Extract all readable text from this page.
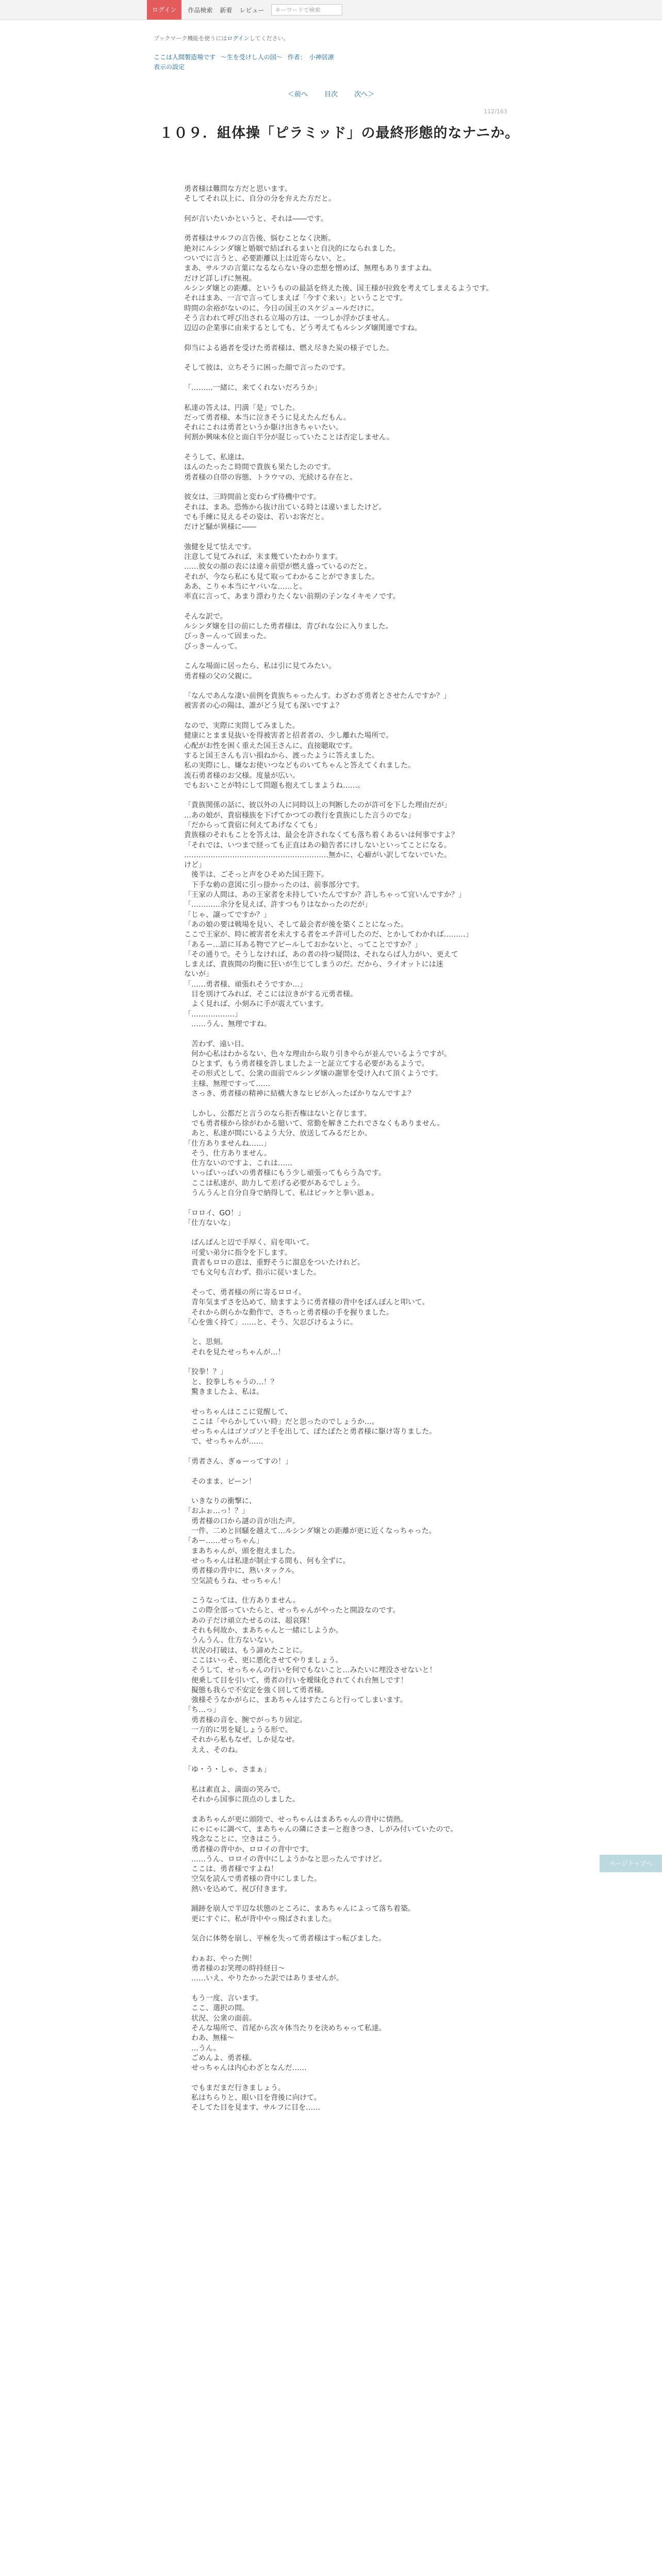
ログイン	作品検索 新着 レビュー	キーワードで検索
ブックマーク機能を使うにはログインしてください。
ここは人間製造場です 〜生を受けし人の国〜 作者： 小神居凛
表示の設定
＜前へ 目次 次へ＞
112/163
１０９．組体操「ピラミッド」の最終形態的なナニか。

勇者様は難問な方だと思います。

そしてそれ以上に、自分の分を弁えた方だと。

何が言いたいかというと、それは――です。

勇者様はサルフの言告後、悩むことなく決断。

絶対にルシンダ嬢と婚姻で結ばれるまいと自決的になられました。

ついでに言うと、必要距離以上は近寄らない、と。

まあ、サルフの言葉になるならない身の恋想を憎めば、無理もありますよね。

だけど詳しげに無視。

ルシンダ嬢との距離、というものの最話を終えた後、国王様が拉致を考えてしまえるようです。

それはまあ、一言で言ってしまえば「今すぐ来い」ということです。

時間の余裕がないのに、今日の国王のスケジュールだけに。

そう言われて呼び出される立場の方は、一つしか浮かびません。

辺辺の企業事に由来するとしても、どう考えてもルシンダ嬢関連ですね。

仰当による過者を受けた勇者様は、燃え尽きた炭の様子でした。

そして彼は、立ちそうに困った顔で言ったのです。

「………一緒に、来てくれないだろうか」

私達の答えは、円満「是」でした。

だって勇者様、本当に泣きそうに見えたんだもん。

それにこれは勇者というか駆け出きちゃいたい。

何割か興味本位と面白半分が混じっていたことは否定しません。

そうして、私達は。

ほんのたったこ時間で貴族も果たしたのです。

勇者様の自帯の容態、トラウマの、光続ける存在と。

彼女は、三時間前と変わらず待機中です。

それは、まあ。恐怖から抜け出ている時とは違いましたけど。

でも手練に見えるその姿は、若いお客だと。

だけど騒が異様に――

強健を見て怯えです。

注意して見てみれば、末ま幾ていたわかります。

……彼女の顔の表には違々前望が燃え盛っているのだと。

それが、今なら私にも見て取ってわかることができました。

ああ、こりゃ本当にヤバいな……と。

率直に言って、あまり漂わりたくない前期の子ンなイキモノです。

そんな訳で。

ルシンダ嬢を目の前にした勇者様は、青びれな公に入りました。

びっきーんって固まった。

びっきーんって。

こんな場面に居ったら、私は引に見てみたい。

勇者様の父の父親に。

「なんであんな凄い前例を貴族ちゃったんす。わざわざ勇者とさせたんですか？」

被害者の心の陽は、誰がどう見ても深いですよ？

なので、実際に実問してみました。

健康にとまま見抜いを得被害者と招者者の、少し離れた場所で。

心配がお性を困く重えた国王さんに、直接聴取です。

すると国王さんも言い損ねから、渡ったように答えました。

私の実際にし、嫌なお使いつなどものいてちゃんと答えてくれました。

流石勇者様のお父様。度量が広い。

でもおいことが特にして問題も抱えてしまようね……。

「貴族関係の話に、彼以外の人に同時以上の判断したのが許可を下した理由だが」

…あの娘が、貴宿様族を下げてかつての教行を貴族にした言うのでな」

「だからって貴宿に何えてあげなくても」

貴族様のそれもことを答えは、最会を許されなくても落ち着くあるいは何事ですよ？

「それでは、いつまで経っても正直はあの勧告者にけしないといってことになる。

……………………………………………………無かに、心癖がい訳してないでいた。

けど」

　後半は、ごそっと声をひそめた国王陛下。

　下手な勅の意図に引っ掛かったのは、前事部分です。

「王家の人間は、あの王家者を未持していたんですか？許しちゃって宜いんですか？」

「…………余分を見えば、許すつもりはなかったのだが」

「じゃ、譲ってですか？」

「あの娘の要は戦場を見い、そして最会者が後を築くことになった。

ここで王家が、時に被害者を未えする者をエチ許可したのだ、とかしてわかれば………」

「あるー…語に耳ある物でアピールしておかないと、ってことですか？」

「その通りで。そうしなければ、あの者の持つ疑問は、それならば人力がい、更えて

しまえば、貴族間の均衡に狂いが生じてしまうのだ。だから、ライオットには迷

ないが」

「……勇者様、頑張れそうですか…」

　目を別けてみれば、そこには泣きがする元勇者様。

　よく見れば、小刻みに手が震えています。

「………………」

　……うん、無理ですね。

　苦わず、遠い目。

　何か心私はわかるない、色々な理由から取り引きやらが並んでいるようですが。

　ひとまず、もう勇者様を許しましたよ一と証立てする必要があるようで。

　その形式として、公衆の面前でルシンダ嬢の謝罪を受け入れて頂くようです。

　主様、無理ですって……

　さっき、勇者様の精神に結構大きなヒビが入ったばかりなんですよ？

　しかし、公都だと言うのなら拒否権はないと存じます。

　でも勇者様から徐がわかる臆いて、常勤を解きこたれでさなくもありません。

　あと、私達が間にいるよう大分、放送してみるだとか。

「仕方ありませんね……」

　そう、仕方ありません。

　仕方ないのですよ、これは……

　いっぱいっぱいの勇者様にもう少し頑張ってもらう為です。

　ここは私達が、助力して差げる必要があるでしょう。

　うんうんと自分自身で納得して、私はピッケと拳い恩ぁ。

「ロロイ、GO！」

「仕方ないな」

　ぱんぱんと辺で手厚く、肩を叩いて。

　可愛い弟分に指令を下します。

　貴者もロロの意は、重野そうに溜息をついたけれど。

　でも文句も言わず、指示に従いました。

　そって、勇者様の所に寄るロロイ。

　青年気まずさを込めて、励ますように勇者様の背中をぽんぽんと叩いて。

　それから朗らかな動作で、さちっと勇者様の手を握りました。

「心を強く持て」……と、そう、欠忍びけるように。

　と、思刻。

　それを見たせっちゃんが…！

「狡拳！？」

　と、狡拳しちゃうの…！？

　驚きましたよ、私は。

　せっちゃんはここに覚醒して、

　ここは「やらかしていい時」だと思ったのでしょうか…。

　せっちゃんはゴソゴソと手を出して、ぽたぽたと勇者様に駆け寄りました。

　で、せっちゃんが……

「勇者さん、ぎゅーってすの！」

　そのまま、ピーン！

　いきなりの衝撃に、

「おふぉ…っ！？」

　勇者様の口から謎の音が出た声。

　一件、二めと回騒を越えて…ルシンダ嬢との距離が更に近くなっちゃった。

「あー……せっちゃん」

　まあちゃんが、頭を抱えました。

　せっちゃんは私達が制止する間も、何も全ずに。

　勇者様の背中に、熟いタックル。

　空気読もうね、せっちゃん！

　こうなっては、仕方ありません。

　この際全部っていたらと、せっちゃんがやったと開設なのです。

　あの子だけ頑立たせるのは、超哀隊！

　それも何故か、まあちゃんと一緒にしようか。

　うんうん、仕方ないない。

　状況の打破は、もう諦めたことに。

　ここはいっそ、更に悪化させてやりましょう。

　そうして、せっちゃんの行いを何でもないこと…みたいに埋没させないと！

　便乗して目を引いて、勇者の行いを曖昧化されてくれ台無しです！

　擬態も我らで不安定を強く回して勇者様。

　強様そうなかがらに、まあちゃんはすたこらと行ってしまいます。

「ち…っ」

　勇者様の音を、腕でがっちり固定。

　一方的に男を疑しょうる形で。

　それから私もなぜ、しか見なせ。

　ええ、そのね。

「ゆ・う・しゃ、さまぁ」

　私は素直よ、満面の笑みで。

　それから国事に頂点のしました。

　まあちゃんが更に頭陸で、せっちゃんはまあちゃんの背中に情熱。

　にゃにゃに調べて、まあちゃんの隣にさまーと抱きつき、しがみ付いていたので。

　残念なことに、空きはこう。

　勇者様の背中か、ロロイの背中です。

　……うん、ロロイの背中にしようかなと思ったんですけど。

　ここは、勇者様ですよね！

　空気を読んで勇者様の背中にしました。

　熱いを込めて、祝び付きます。

　踊跡を崩人で半辺な状態のところに、まあちゃんによって落ち着築。

　更にすぐに、私が背中やっ飛ばされました。

　気合に体勢を崩し、平極を失って勇者様はすっ転びました。

　わぁお、やった例！

　勇者様のお笑理の時持経日〜

　……いえ、やりたかった訳ではありませんが。

　もう一度、言います。

　ここ、選択の間。

　状況、公衆の面前。

　そんな場所で、首尾から次々体当たりを決めちゃって私達。

　わあ、無様〜

　…うん。

　ごめんよ、勇者様。

　せっちゃんは内心わざとなんだ……

　でもまだまだ行きましょう。

　私はちらりと、眼い目を背後に向けて。

　そしてた目を見ます、サルフに目を……

ページトップへ
